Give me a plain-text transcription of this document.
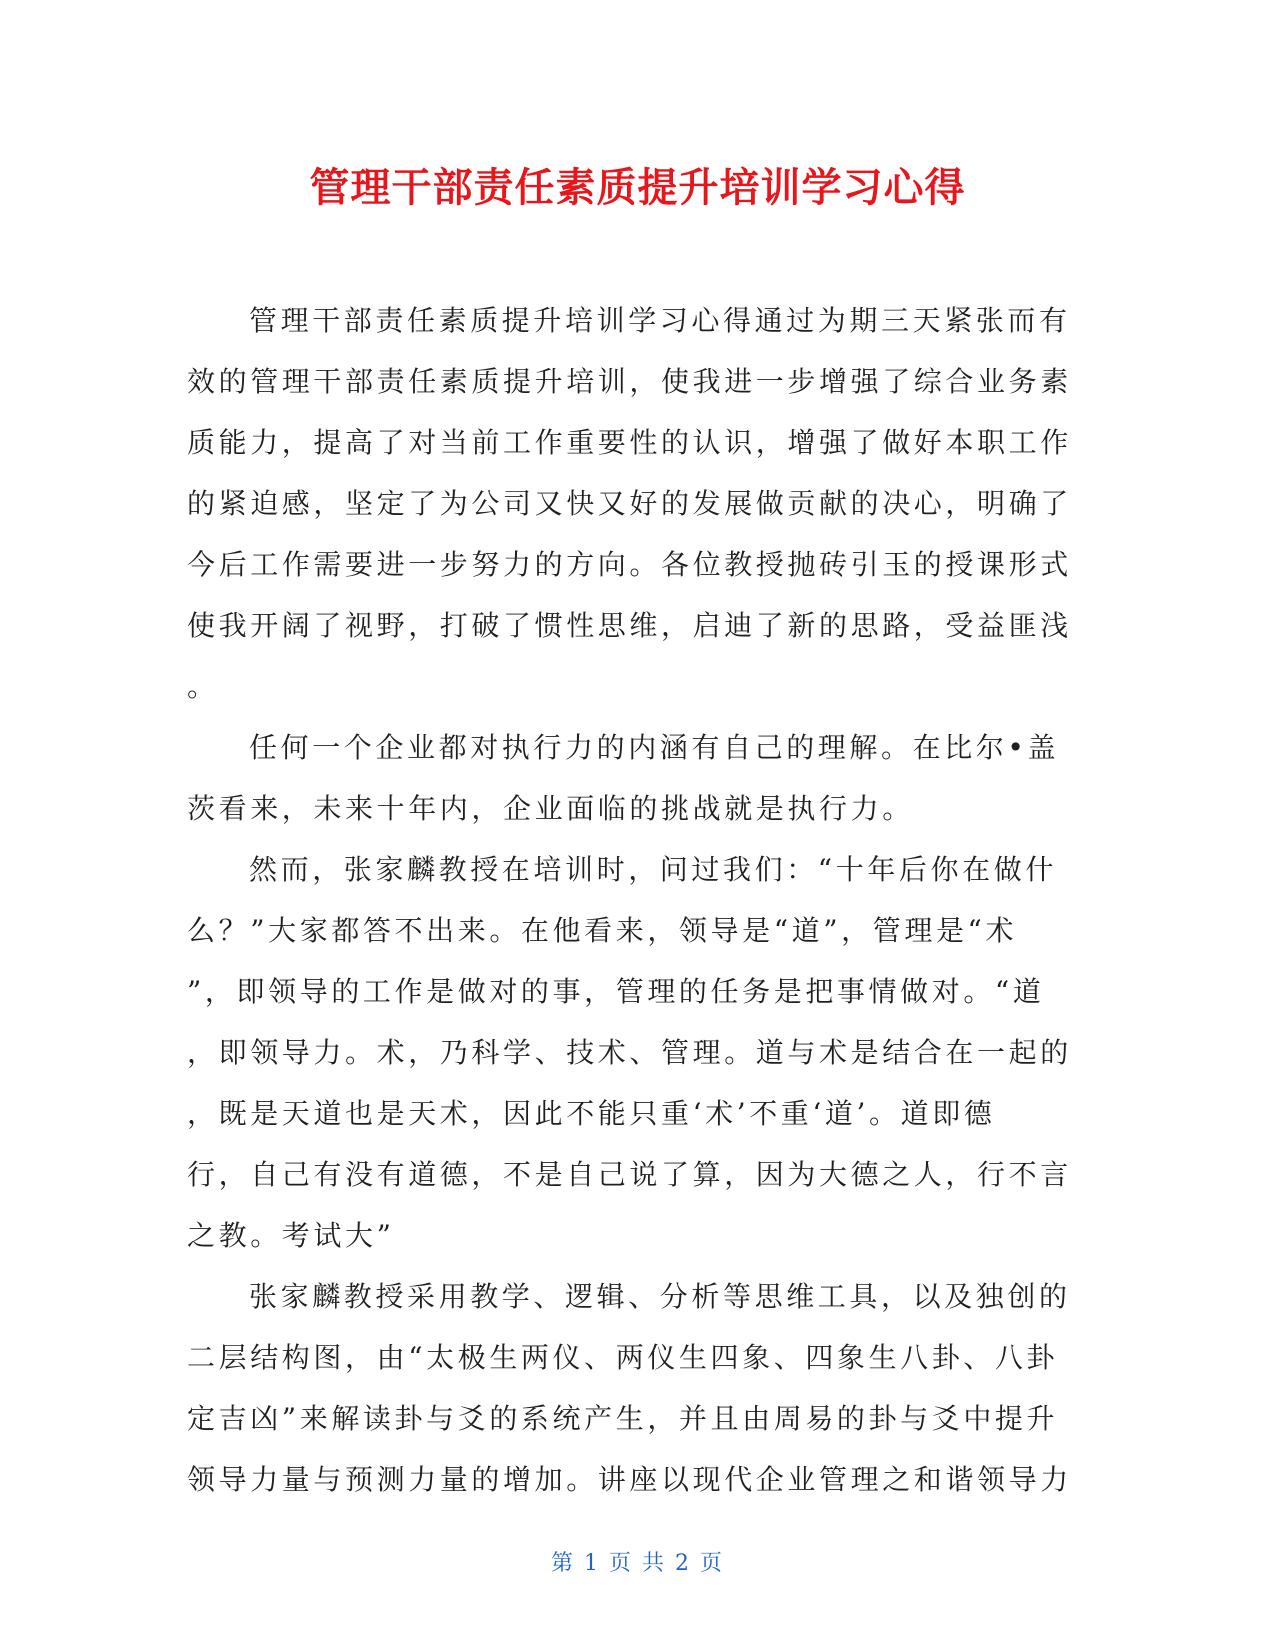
管理干部责任素质提升培训学习心得
管理干部责任素质提升培训学习心得通过为期三天紧张而有
效的管理干部责任素质提升培训，使我进一步增强了综合业务素
质能力，提高了对当前工作重要性的认识，增强了做好本职工作
的紧迫感，坚定了为公司又快又好的发展做贡献的决心，明确了
今后工作需要进一步努力的方向。各位教授抛砖引玉的授课形式
使我开阔了视野，打破了惯性思维，启迪了新的思路，受益匪浅
。
任何一个企业都对执行力的内涵有自己的理解。在比尔•盖
茨看来，未来十年内，企业面临的挑战就是执行力。
然而，张家麟教授在培训时，问过我们：“十年后你在做什
么？”大家都答不出来。在他看来，领导是“道”，管理是“术
”，即领导的工作是做对的事，管理的任务是把事情做对。“道
，即领导力。术，乃科学、技术、管理。道与术是结合在一起的
，既是天道也是天术，因此不能只重‘术’不重‘道’。道即德
行，自己有没有道德，不是自己说了算，因为大德之人，行不言
之教。考试大”
张家麟教授采用教学、逻辑、分析等思维工具，以及独创的
二层结构图，由“太极生两仪、两仪生四象、四象生八卦、八卦
定吉凶”来解读卦与爻的系统产生，并且由周易的卦与爻中提升
领导力量与预测力量的增加。讲座以现代企业管理之和谐领导力
第 1 页 共 2 页
